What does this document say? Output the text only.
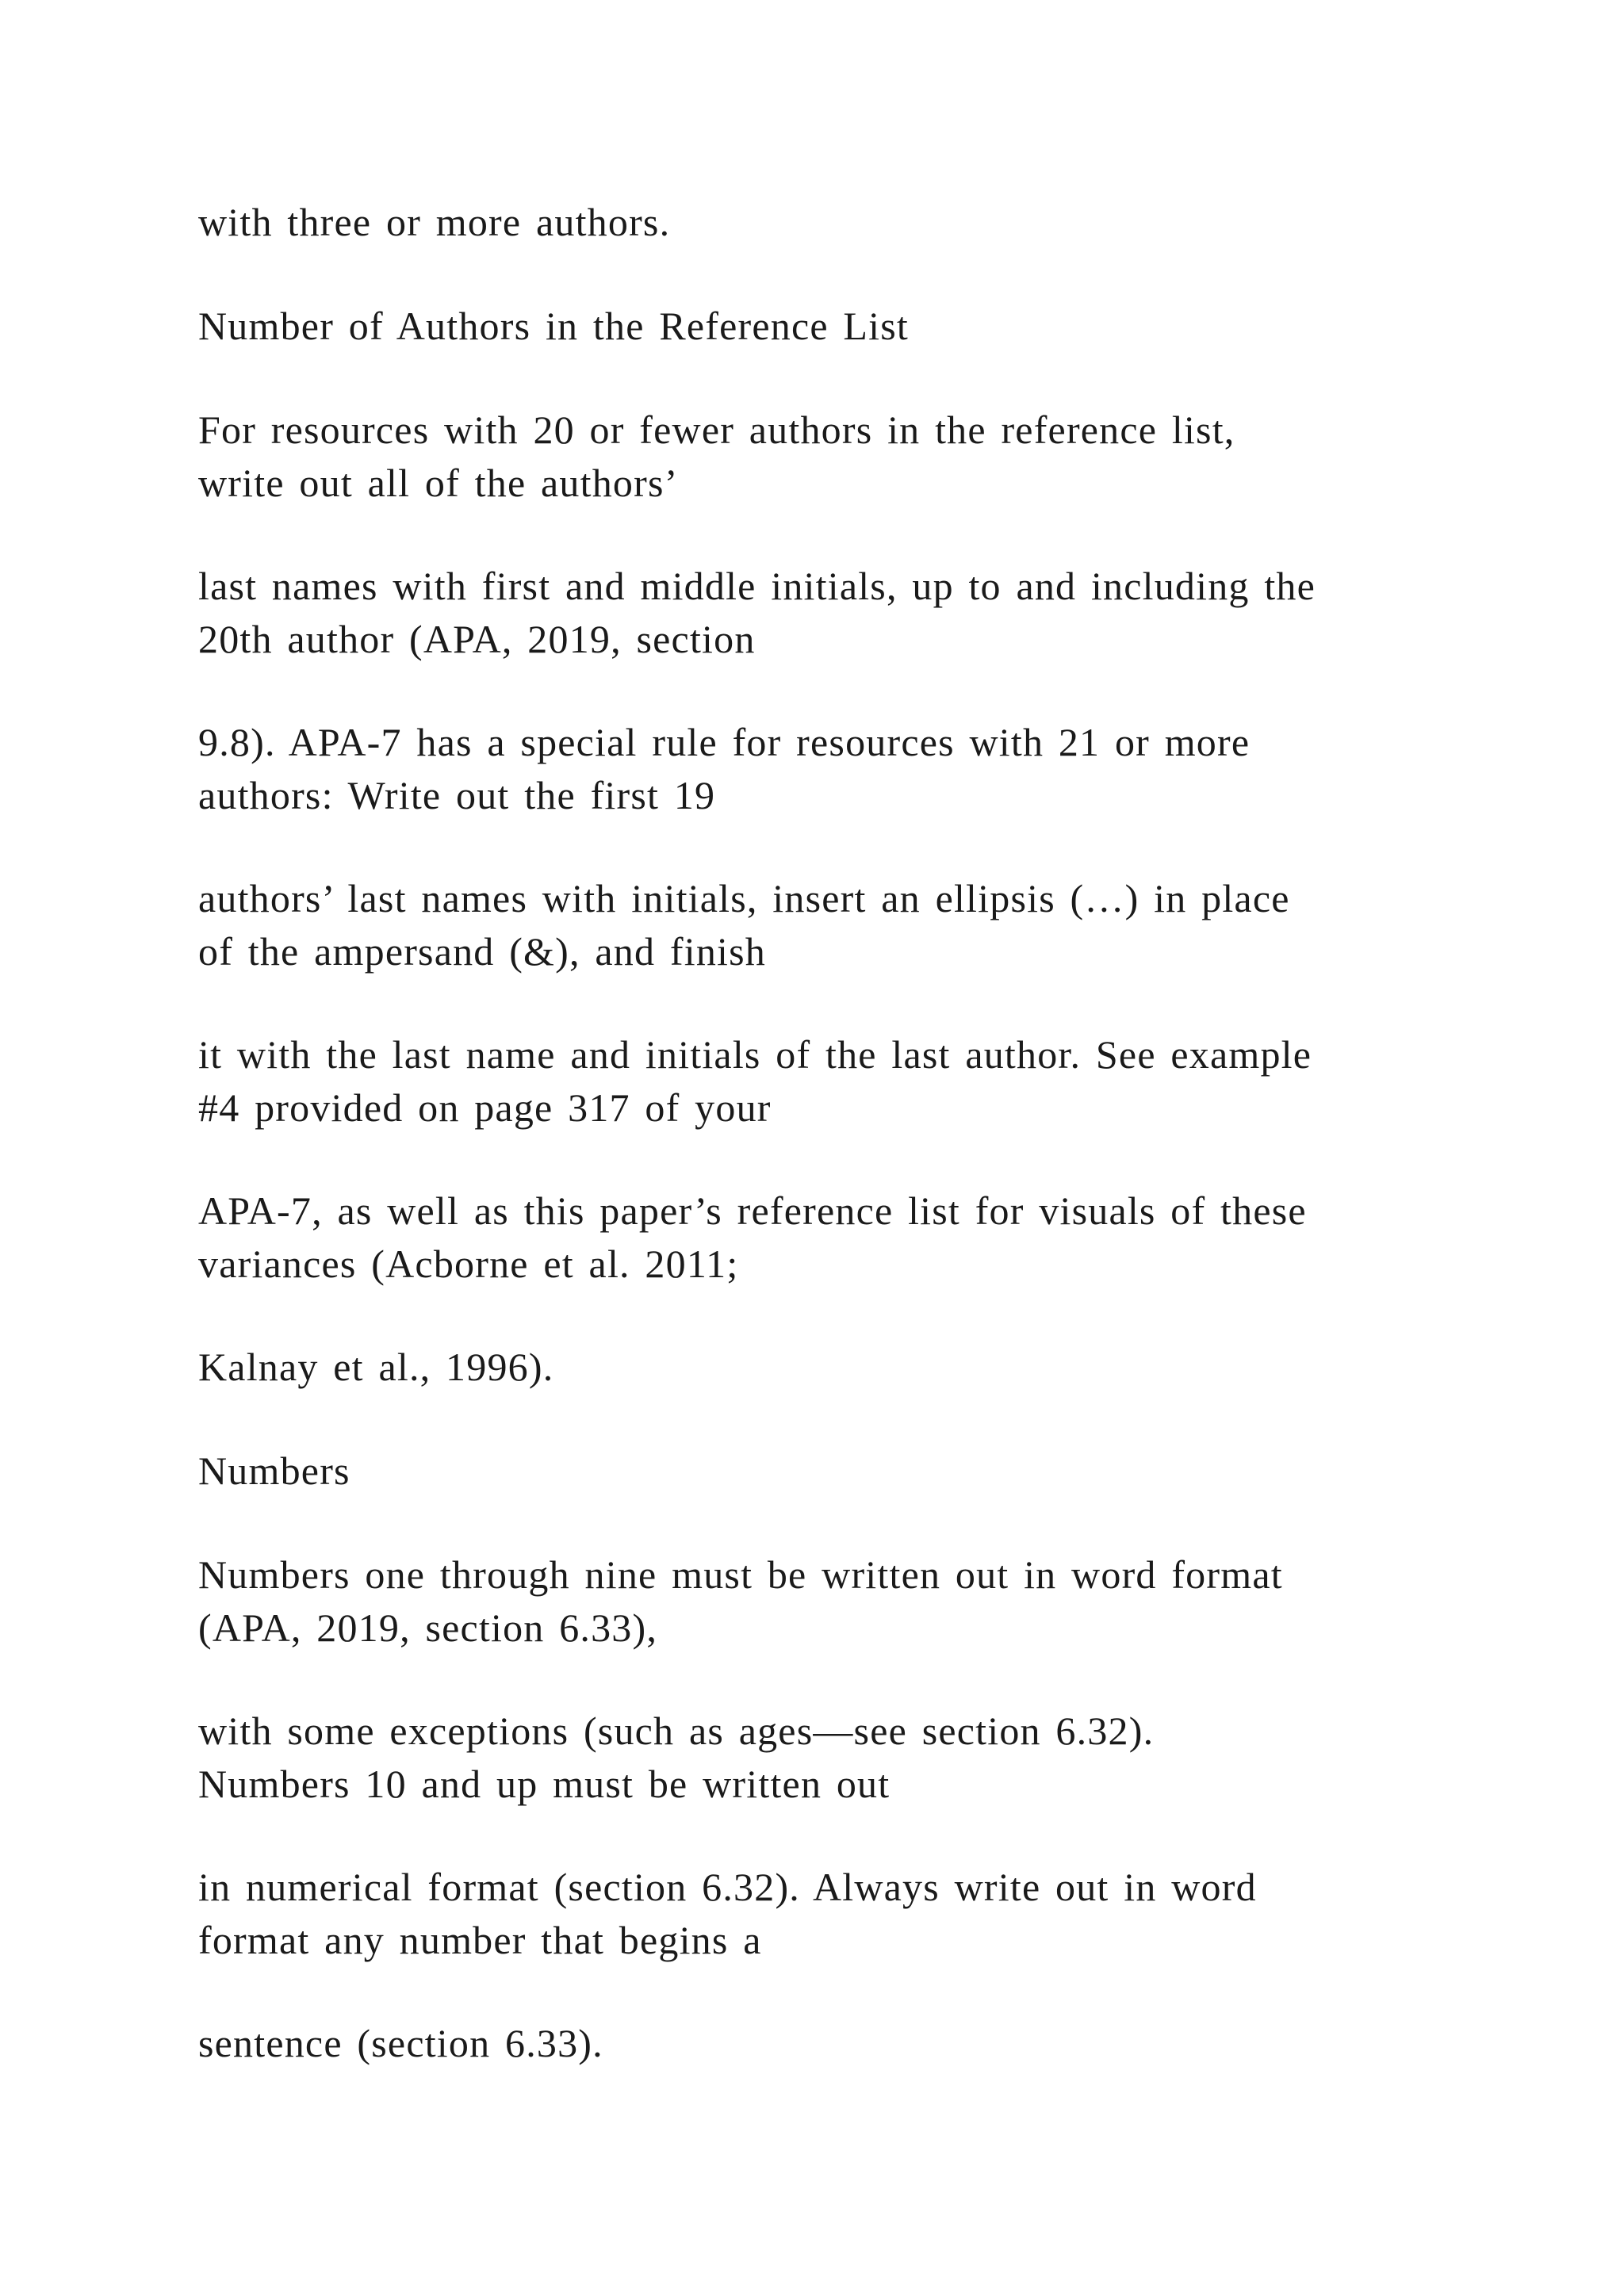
with three or more authors.
Number of Authors in the Reference List
For resources with 20 or fewer authors in the reference list,
write out all of the authors’
last names with first and middle initials, up to and including the
20th author (APA, 2019, section
9.8). APA-7 has a special rule for resources with 21 or more
authors: Write out the first 19
authors’ last names with initials, insert an ellipsis (…) in place
of the ampersand (&), and finish
it with the last name and initials of the last author. See example
#4 provided on page 317 of your
APA-7, as well as this paper’s reference list for visuals of these
variances (Acborne et al. 2011;
Kalnay et al., 1996).
Numbers
Numbers one through nine must be written out in word format
(APA, 2019, section 6.33),
with some exceptions (such as ages—see section 6.32).
Numbers 10 and up must be written out
in numerical format (section 6.32). Always write out in word
format any number that begins a
sentence (section 6.33).
